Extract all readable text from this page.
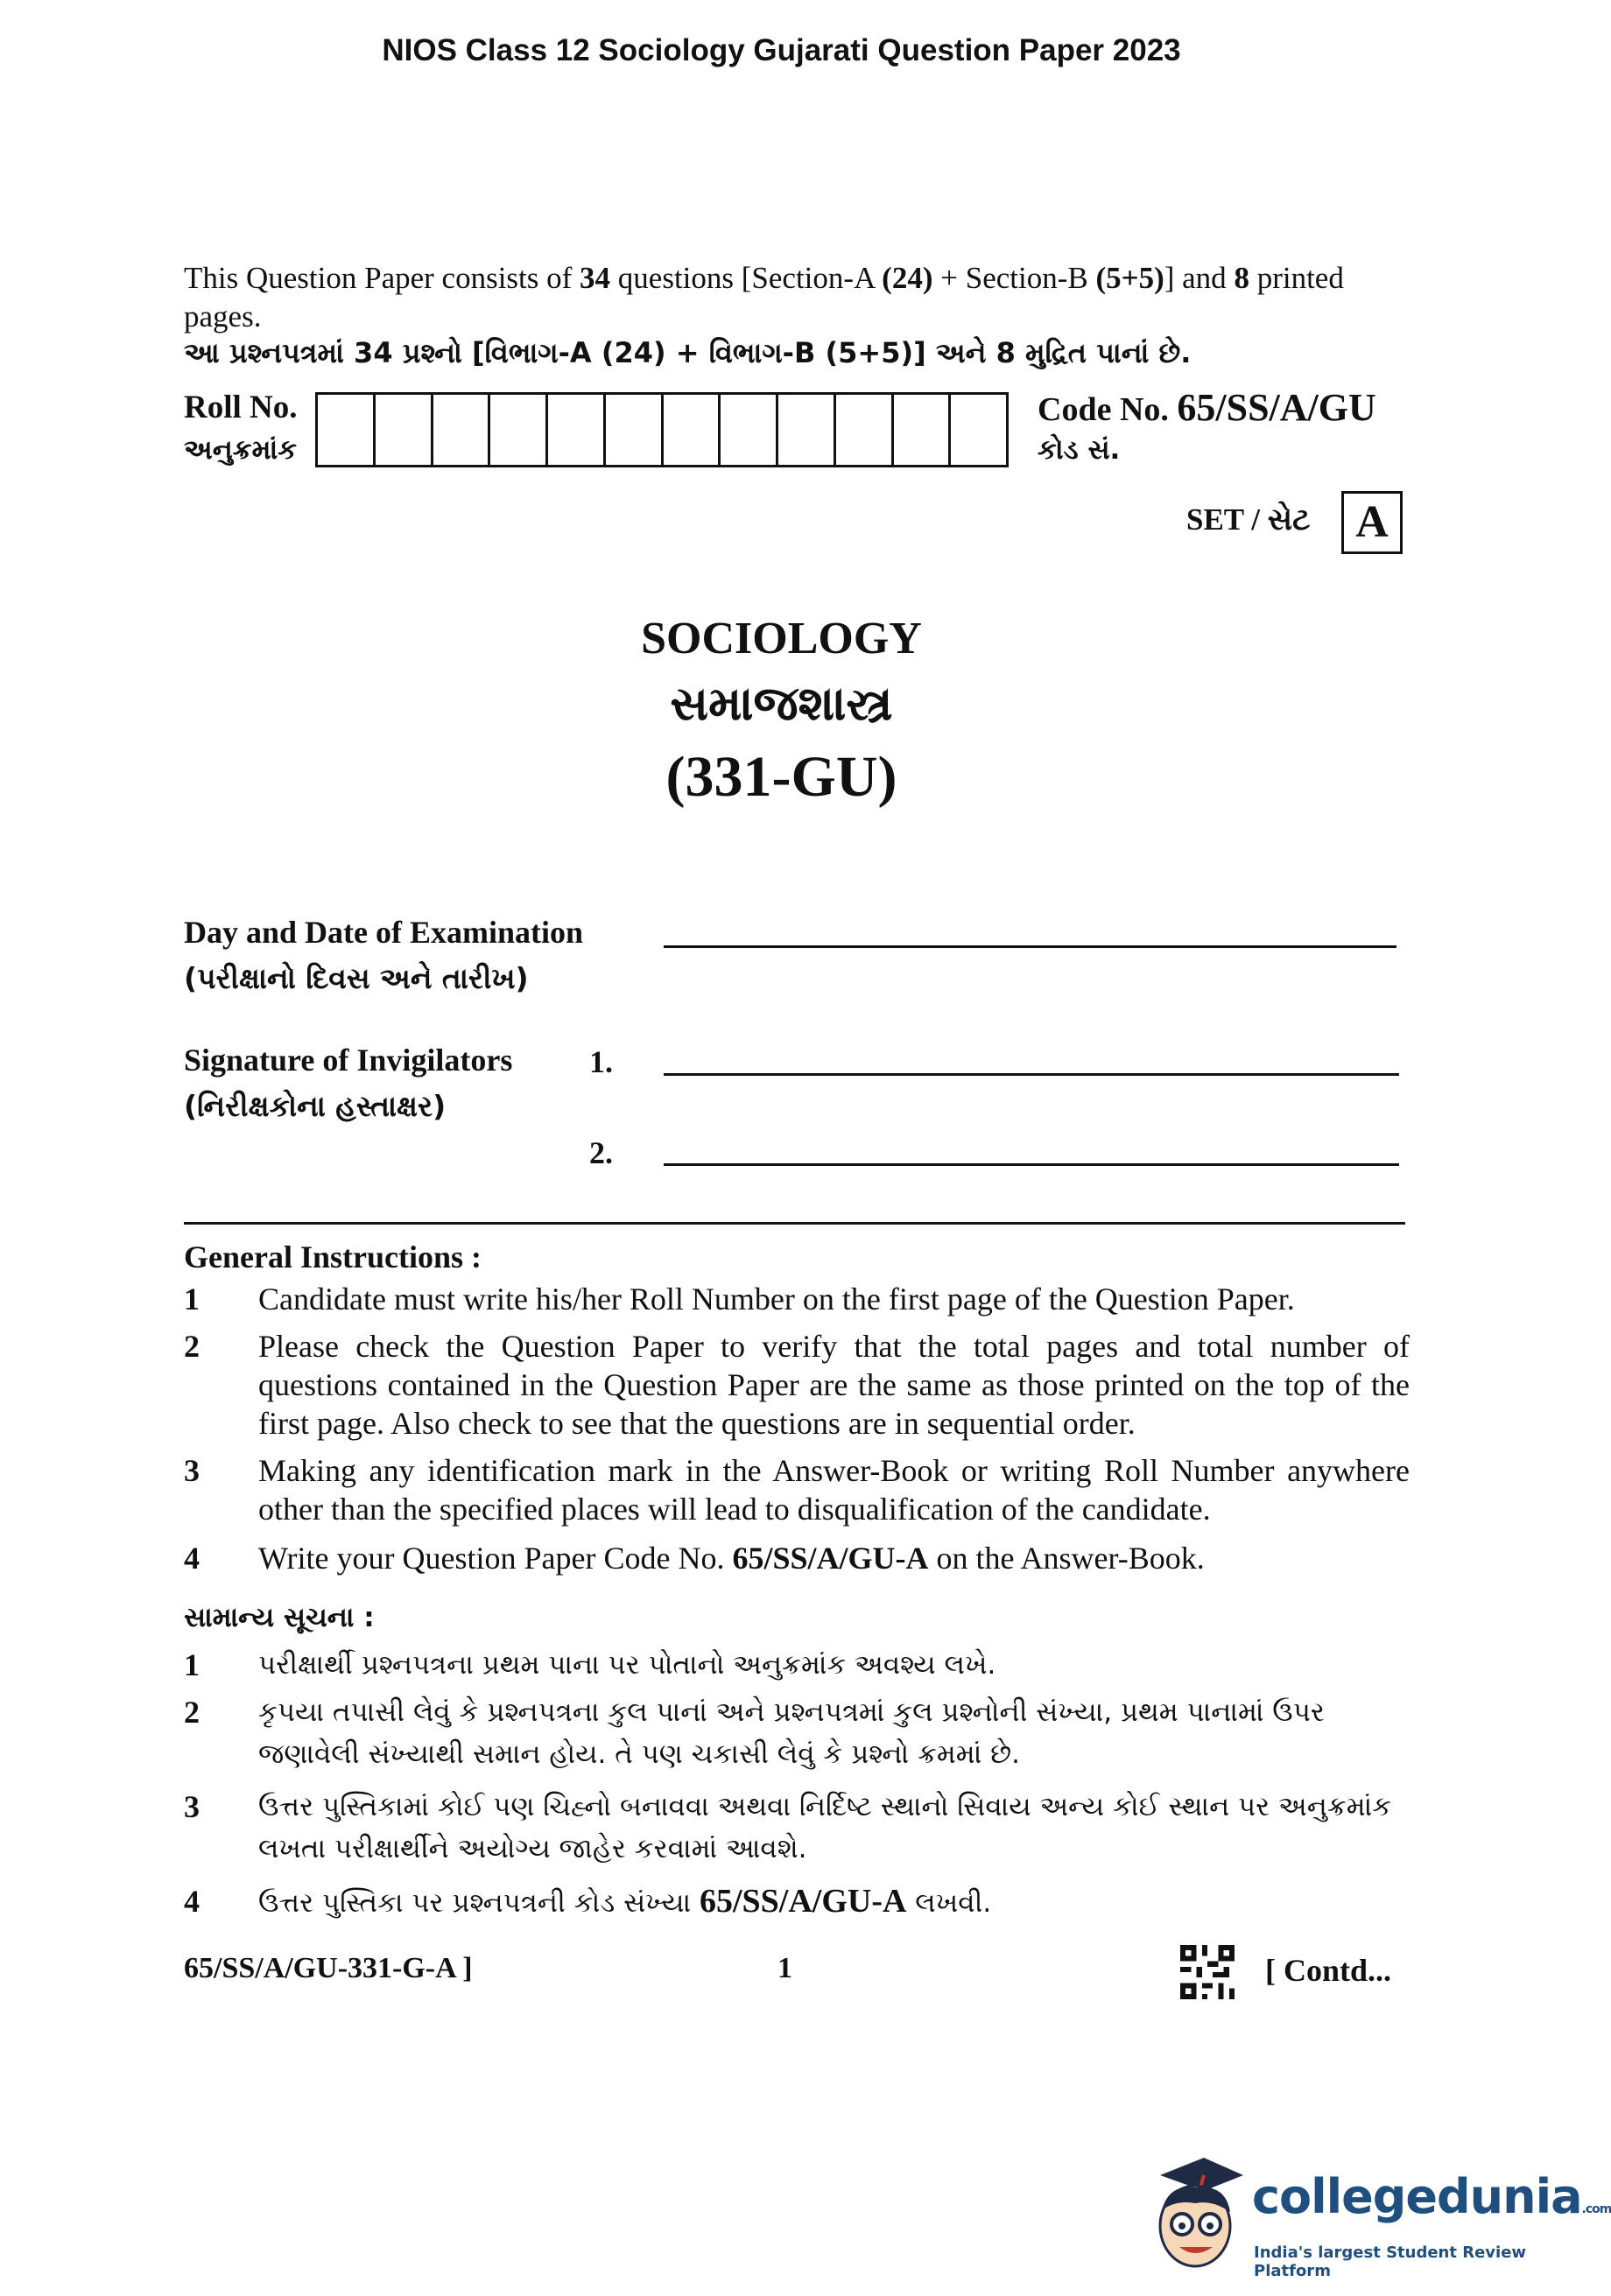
NIOS Class 12 Sociology Gujarati Question Paper 2023
This Question Paper consists of 34 questions [Section-A (24) + Section-B (5+5)] and 8 printed pages.
આ પ્રશ્નપત્રમાં 34 પ્રશ્નો [વિભાગ-A (24) + વિભાગ-B (5+5)] અને 8 મુદ્રિત પાનાં છે.
Roll No.
અનુક્રમાંક
Code No. 65/SS/A/GU
કોડ સં.
SET / સેટ A
SOCIOLOGY
સમાજશાસ્ત્ર
(331-GU)
Day and Date of Examination
(પરીક્ષાનો દિવસ અને તારીખ)
Signature of Invigilators
(નિરીક્ષકોના હસ્તાક્ષર)
1.
2.
General Instructions :
1 Candidate must write his/her Roll Number on the first page of the Question Paper.
2 Please check the Question Paper to verify that the total pages and total number of questions contained in the Question Paper are the same as those printed on the top of the first page. Also check to see that the questions are in sequential order.
3 Making any identification mark in the Answer-Book or writing Roll Number anywhere other than the specified places will lead to disqualification of the candidate.
4 Write your Question Paper Code No. 65/SS/A/GU-A on the Answer-Book.
સામાન્ય સૂચના :
1 પરીક્ષાર્થી પ્રશ્નપત્રના પ્રથમ પાના પર પોતાનો અનુક્રમાંક અવશ્ય લખે.
2 કૃપયા તપાસી લેવું કે પ્રશ્નપત્રના કુલ પાનાં અને પ્રશ્નપત્રમાં કુલ પ્રશ્નોની સંખ્યા, પ્રથમ પાનામાં ઉપર જણાવેલી સંખ્યાથી સમાન હોય. તે પણ ચકાસી લેવું કે પ્રશ્નો ક્રમમાં છે.
3 ઉત્તર પુસ્તિકામાં કોઈ પણ ચિહ્નો બનાવવા અથવા નિર્દિષ્ટ સ્થાનો સિવાય અન્ય કોઈ સ્થાન પર અનુક્રમાંક લખતા પરીક્ષાર્થીને અયોગ્ય જાહેર કરવામાં આવશે.
4 ઉત્તર પુસ્તિકા પર પ્રશ્નપત્રની કોડ સંખ્યા 65/SS/A/GU-A લખવી.
65/SS/A/GU-331-G-A ]	1	[ Contd...
collegedunia.com
India's largest Student Review Platform
